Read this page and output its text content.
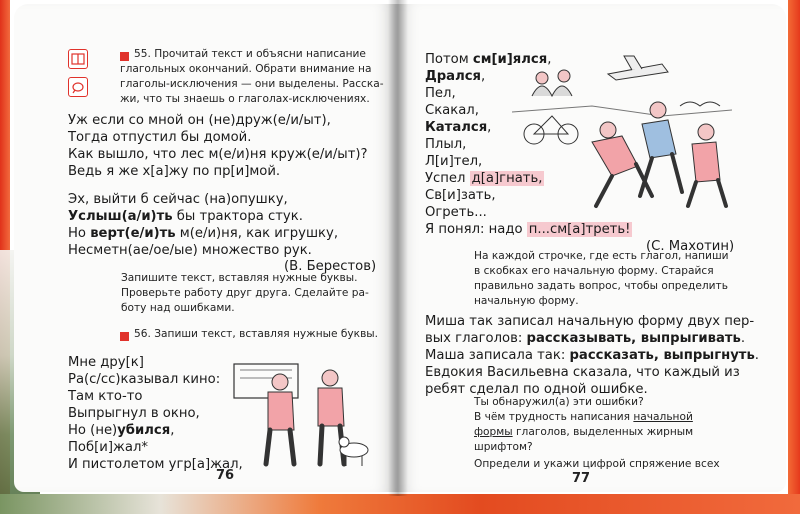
55. Прочитай текст и объясни написание
глагольных окончаний. Обрати внимание на
глаголы-исключения — они выделены. Расска-
жи, что ты знаешь о глаголах-исключениях.
Уж если со мной он (не)друж(е/и/ыт),
Тогда отпустил бы домой.
Как вышло, что лес м(е/и)ня круж(е/и/ыт)?
Ведь я же х[а]жу по пр[и]мой.
Эх, выйти б сейчас (на)опушку,
Услыш(а/и)ть бы трактора стук.
Но верт(е/и)ть м(е/и)ня, как игрушку,
Несметн(ае/ое/ые) множество рук.
(В. Берестов)
Запишите текст, вставляя нужные буквы.
Проверьте работу друг друга. Сделайте ра-
боту над ошибками.
56. Запиши текст, вставляя нужные буквы.
Мне дру[к]
Ра(с/сс)казывал кино:
Там кто-то
Выпрыгнул в окно,
Но (не)убился,
Поб[и]жал*
И пистолетом угр[а]жал,
76
Потом см[и]ялся,
Дрался,
Пел,
Скакал,
Катался,
Плыл,
Л[и]тел,
Успел д[а]гнать,
Св[и]зать,
Огреть...
Я понял: надо п...см[а]треть!
(С. Махотин)
На каждой строчке, где есть глагол, напиши
в скобках его начальную форму. Старайся
правильно задать вопрос, чтобы определить
начальную форму.
Миша так записал начальную форму двух пер-
вых глаголов: рассказывать, выпрыгивать.
Маша записала так: рассказать, выпрыгнуть.
Евдокия Васильевна сказала, что каждый из
ребят сделал по одной ошибке.
Ты обнаружил(а) эти ошибки?
В чём трудность написания начальной
формы глаголов, выделенных жирным
шрифтом?
Определи и укажи цифрой спряжение всех
77
